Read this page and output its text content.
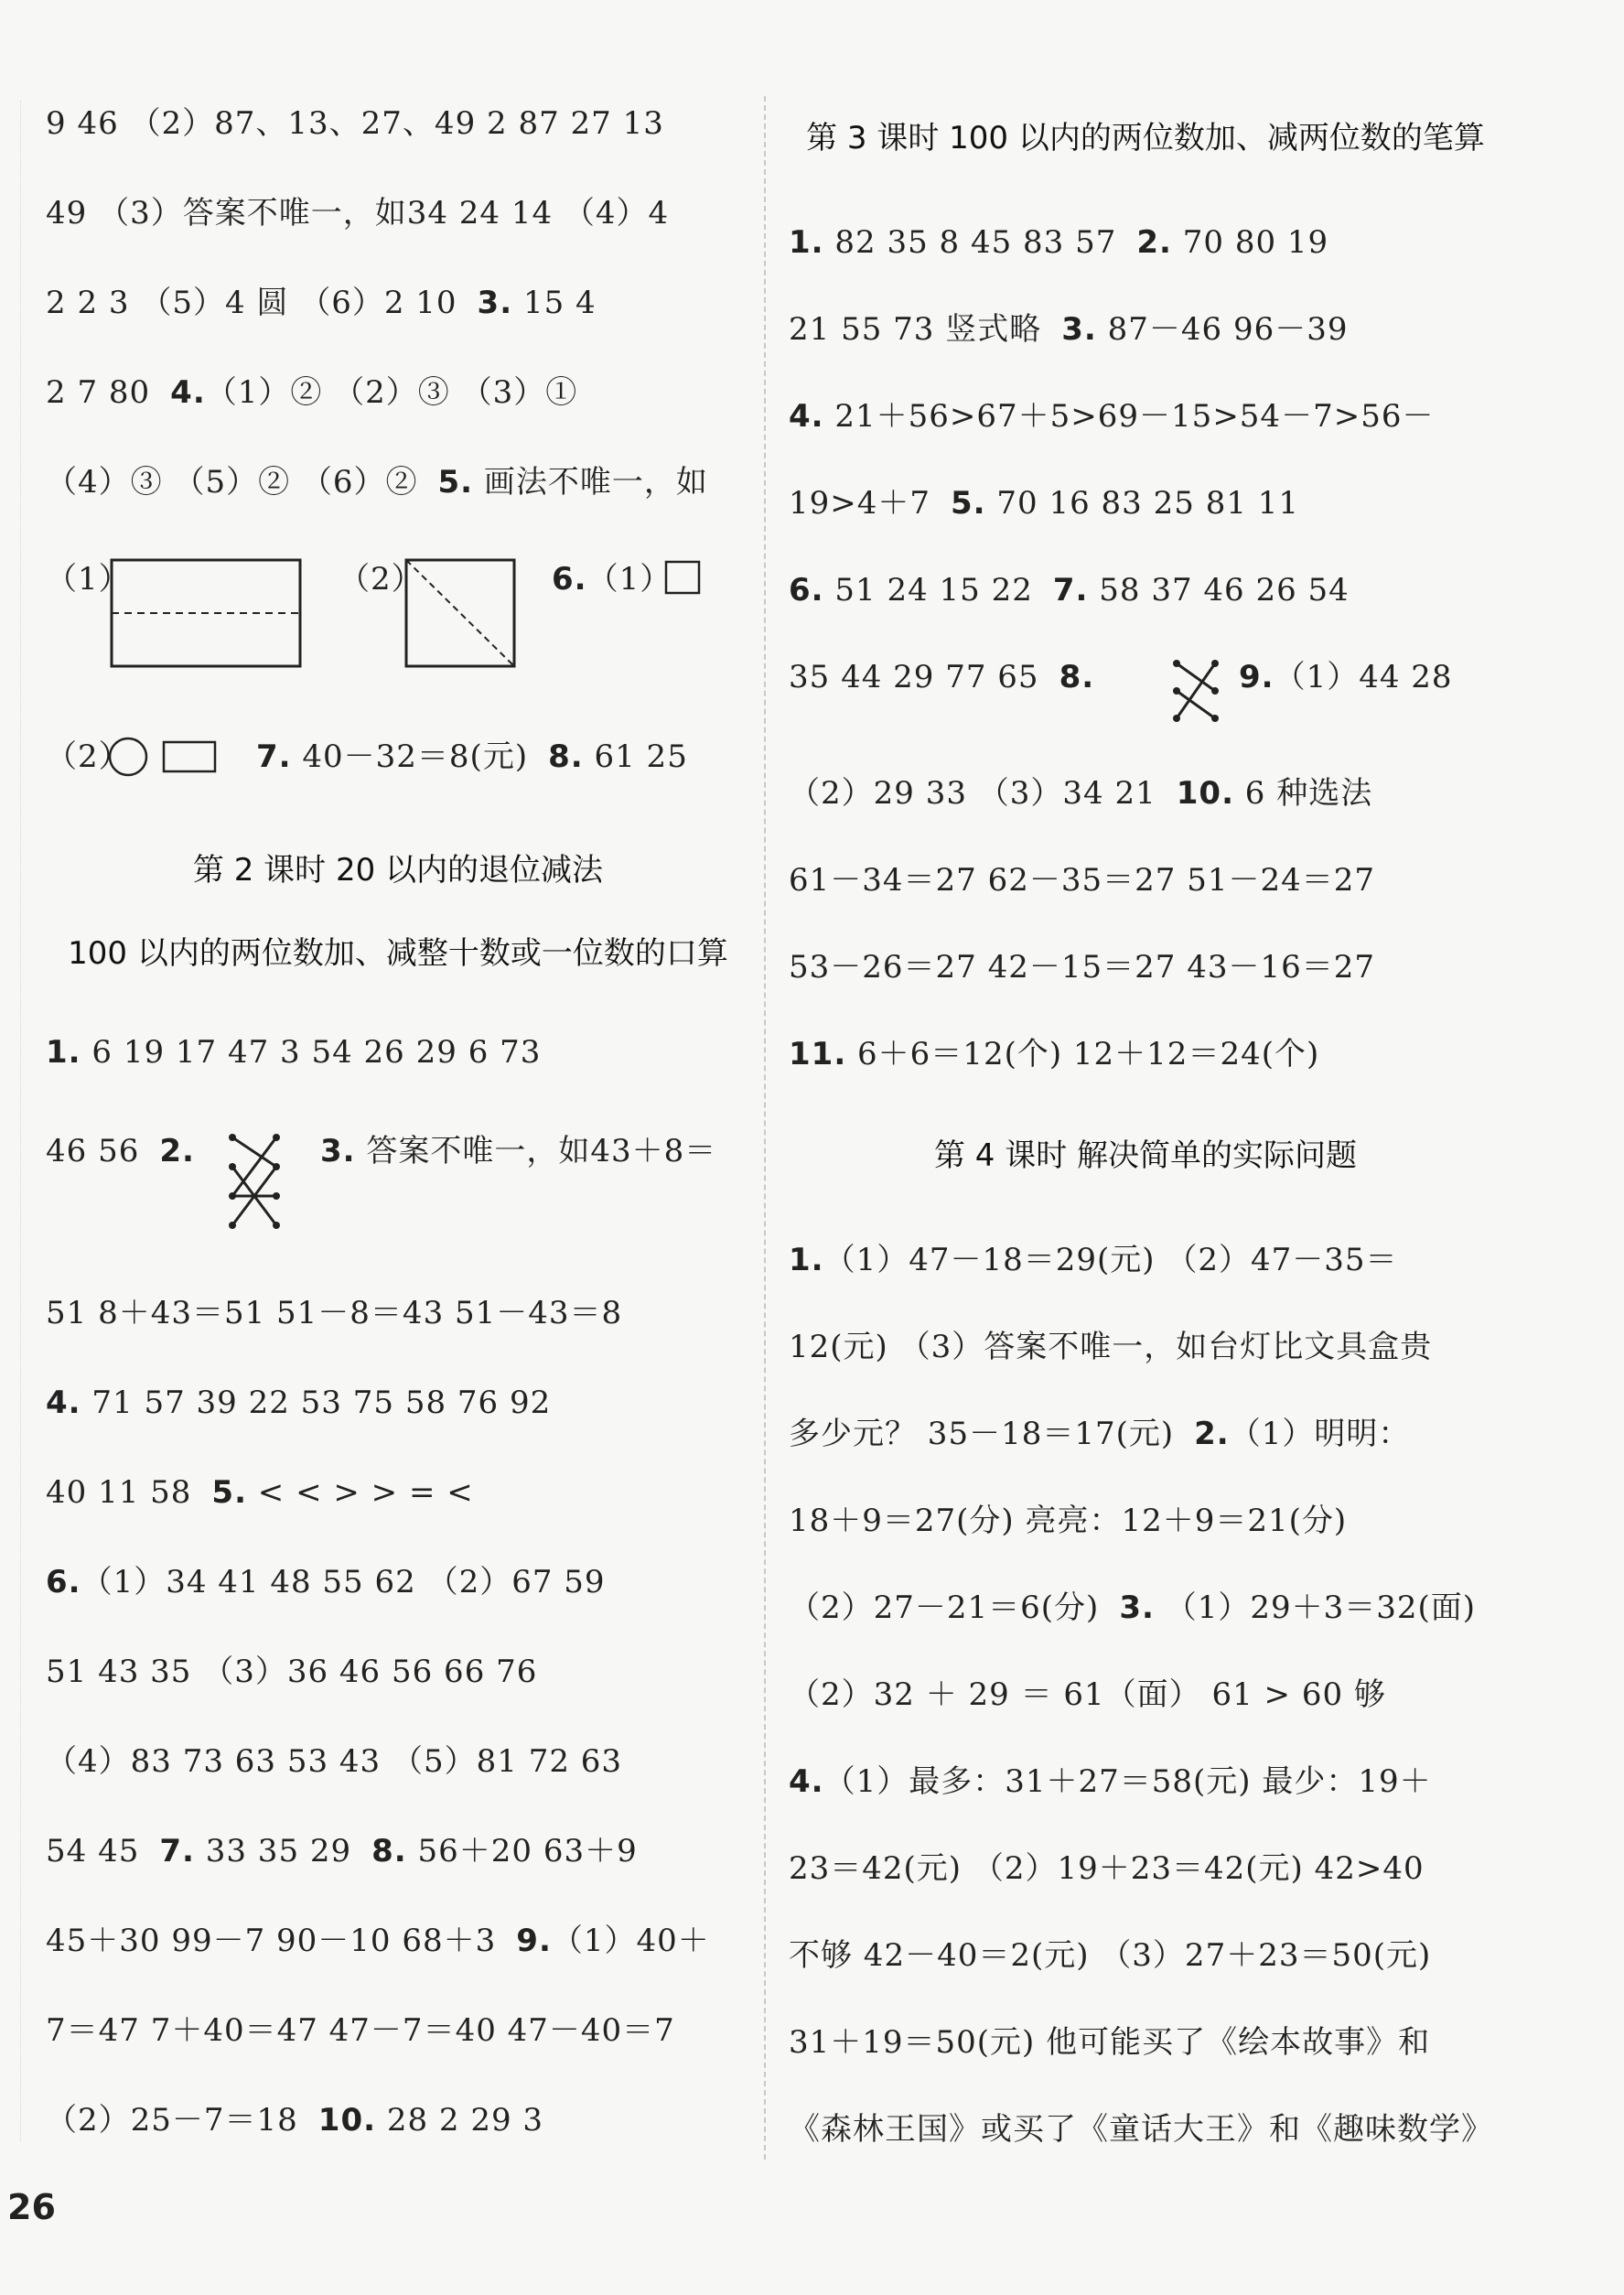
9 46 （2）87、13、27、49 2 87 27 13
49 （3）答案不唯一，如34 24 14 （4）4
2 2 3 （5）4 圆 （6）2 10 3. 15 4
2 7 80 4.（1）② （2）③ （3）①
（4）③ （5）② （6）② 5. 画法不唯一，如
（1）	（2）	6.（1）
（2）	7. 40－32＝8(元) 8. 61 25
第 2 课时 20 以内的退位减法
100 以内的两位数加、减整十数或一位数的口算
1. 6 19 17 47 3 54 26 29 6 73
46 56 2.	3. 答案不唯一，如43＋8＝
51 8＋43＝51 51－8＝43 51－43＝8
4. 71 57 39 22 53 75 58 76 92
40 11 58 5. < < > > = <
6.（1）34 41 48 55 62 （2）67 59
51 43 35 （3）36 46 56 66 76
（4）83 73 63 53 43 （5）81 72 63
54 45 7. 33 35 29 8. 56＋20 63＋9
45＋30 99－7 90－10 68＋3 9.（1）40＋
7＝47 7＋40＝47 47－7＝40 47－40＝7
（2）25－7＝18 10. 28 2 29 3
第 3 课时 100 以内的两位数加、减两位数的笔算
1. 82 35 8 45 83 57 2. 70 80 19
21 55 73 竖式略 3. 87－46 96－39
4. 21＋56>67＋5>69－15>54－7>56－
19>4＋7 5. 70 16 83 25 81 11
6. 51 24 15 22 7. 58 37 46 26 54
35 44 29 77 65 8.	9.（1）44 28
（2）29 33 （3）34 21 10. 6 种选法
61－34＝27 62－35＝27 51－24＝27
53－26＝27 42－15＝27 43－16＝27
11. 6＋6＝12(个) 12＋12＝24(个)
第 4 课时 解决简单的实际问题
1.（1）47－18＝29(元) （2）47－35＝
12(元) （3）答案不唯一，如台灯比文具盒贵
多少元？ 35－18＝17(元) 2.（1）明明：
18＋9＝27(分) 亮亮：12＋9＝21(分)
（2）27－21＝6(分) 3. （1）29＋3＝32(面)
（2）32 ＋ 29 ＝ 61（面） 61 > 60 够
4.（1）最多：31＋27＝58(元) 最少：19＋
23＝42(元) （2）19＋23＝42(元) 42>40
不够 42－40＝2(元) （3）27＋23＝50(元)
31＋19＝50(元) 他可能买了《绘本故事》和
《森林王国》或买了《童话大王》和《趣味数学》
26
